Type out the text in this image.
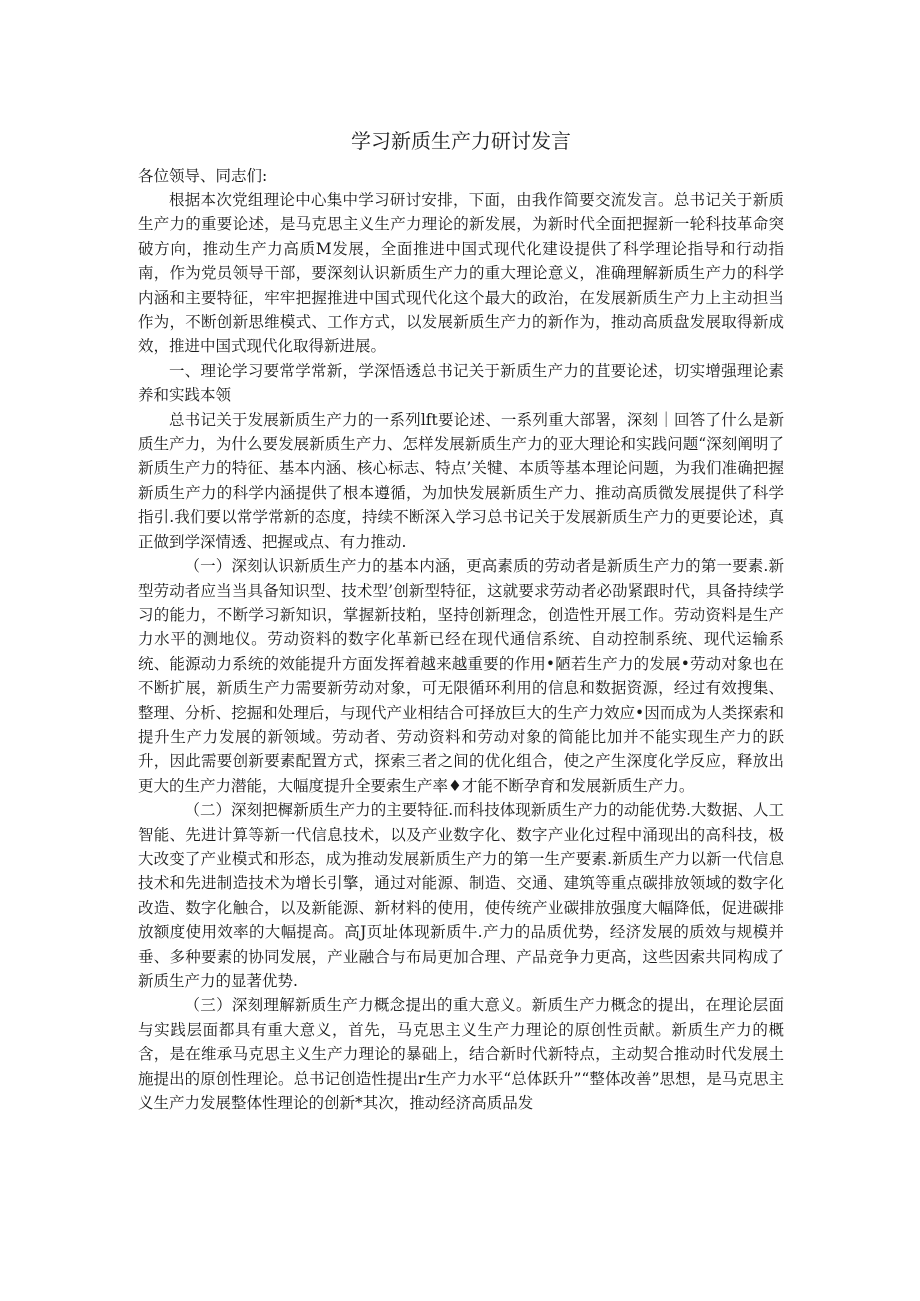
学习新质生产力研讨发言

各位领导、同志们:

根据本次党组理论中心集中学习研讨安排，下面，由我作简要交流发言。总书记关于新质生产力的重要论述，是马克思主义生产力理论的新发展，为新时代全面把握新一轮科技革命突破方向，推动生产力高质M发展，全面推进中国式现代化建设提供了科学理论指导和行动指南，作为党员领导干部，要深刻认识新质生产力的重大理论意义，准确理解新质生产力的科学内涵和主要特征，牢牢把握推进中国式现代化这个最大的政治，在发展新质生产力上主动担当作为，不断创新思维模式、工作方式，以发展新质生产力的新作为，推动高质盘发展取得新成效，推进中国式现代化取得新进展。

一、理论学习要常学常新，学深悟透总书记关于新质生产力的苴要论述，切实增强理论素养和实践本领

总书记关于发展新质生产力的一系列lft要论述、一系列重大部署，深刻｜回答了什么是新质生产力，为什么要发展新质生产力、怎样发展新质生产力的亚大理论和实践问题“深刻阐明了新质生产力的特征、基本内涵、核心标志、特点’关犍、本质等基本理论问题，为我们准确把握新质生产力的科学内涵提供了根本遵循，为加快发展新质生产力、推动高质微发展提供了科学指引.我们要以常学常新的态度，持续不断深入学习总书记关于发展新质生产力的更要论述，真正做到学深情透、把握或点、有力推动.

（一）深刻认识新质生产力的基本内涵，更高素质的劳动者是新质生产力的第一要素.新型劳动者应当当具备知识型、技术型’创新型特征，这就要求劳动者必劭紧跟时代，具备持续学习的能力，不断学习新知识，掌握新技粕，坚持创新理念，创造性开展工作。劳动资料是生产力水平的测地仪。劳动资料的数字化革新已经在现代通信系统、自动控制系统、现代运输系统、能源动力系统的效能提升方面发挥着越来越重要的作用•陋若生产力的发展•劳动对象也在不断扩展，新质生产力需要新劳动对象，可无限循环利用的信息和数据资源，经过有效搜集、整理、分析、挖掘和处理后，与现代产业相结合可择放巨大的生产力效应•因而成为人类探索和提升生产力发展的新领域。劳动者、劳动资料和劳动对象的简能比加并不能实现生产力的跃升，因此需要创新要素配置方式，探索三者之间的优化组合，使之产生深度化学反应，释放出更大的生产力潜能，大幅度提升全要索生产率♦才能不断孕育和发展新质生产力。

（二）深刻把樨新质生产力的主要特征.而科技体现新质生产力的动能优势.大数据、人工智能、先进计算等新一代信息技术，以及产业数字化、数字产业化过程中涌现出的高科技，极大改变了产业模式和形态，成为推动发展新质生产力的第一生产要素.新质生产力以新一代信息技术和先进制造技术为增长引擎，通过对能源、制造、交通、建筑等重点碳排放领域的数字化改造、数字化触合，以及新能源、新材料的使用，使传统产业碳排放强度大幅降低，促进碳排放额度使用效率的大幅提高。高J页址体现新质牛.产力的品质优势，经济发展的质效与规模并垂、多种要素的协同发展，产业融合与布局更加合理、产品竞争力更高，这些因索共同构成了新质生产力的显著优势.

（三）深刻理解新质生产力概念提出的重大意义。新质生产力概念的提出，在理论层面与实践层面都具有重大意义，首先，马克思主义生产力理论的原创性贡献。新质生产力的概含，是在维承马克思主义生产力理论的暴础上，结合新时代新特点，主动契合推动时代发展土施提出的原创性理论。总书记创造性提出r生产力水平“总体跃升”“整体改善”思想，是马克思主义生产力发展整体性理论的创新*其次，推动经济高质品发
